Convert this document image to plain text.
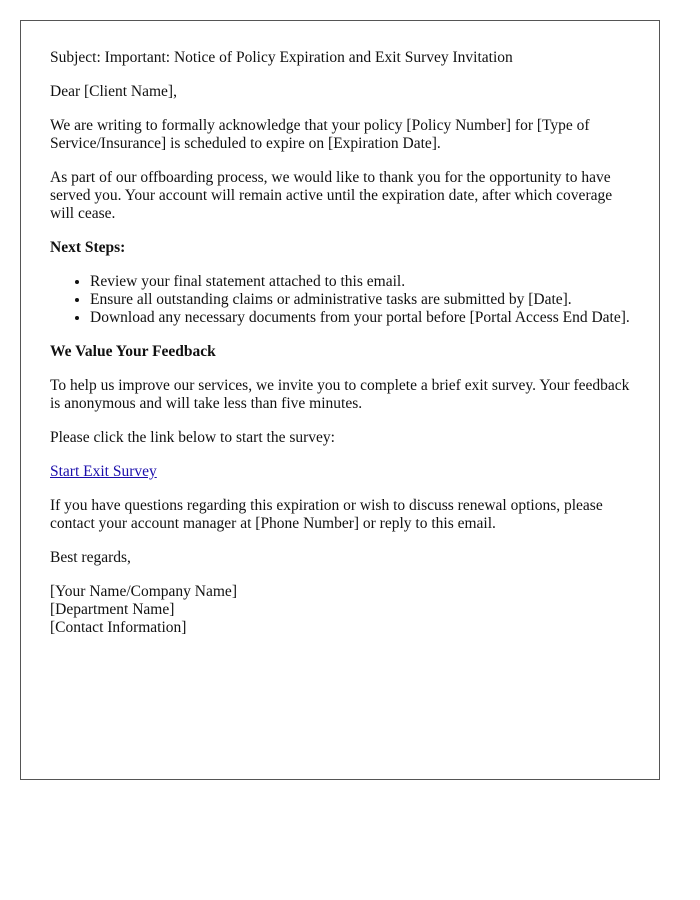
Subject: Important: Notice of Policy Expiration and Exit Survey Invitation

Dear [Client Name],

We are writing to formally acknowledge that your policy [Policy Number] for [Type of Service/Insurance] is scheduled to expire on [Expiration Date].

As part of our offboarding process, we would like to thank you for the opportunity to have served you. Your account will remain active until the expiration date, after which coverage will cease.

Next Steps:
• Review your final statement attached to this email.
• Ensure all outstanding claims or administrative tasks are submitted by [Date].
• Download any necessary documents from your portal before [Portal Access End Date].
We Value Your Feedback

To help us improve our services, we invite you to complete a brief exit survey. Your feedback is anonymous and will take less than five minutes.

Please click the link below to start the survey:

Start Exit Survey

If you have questions regarding this expiration or wish to discuss renewal options, please contact your account manager at [Phone Number] or reply to this email.

Best regards,

[Your Name/Company Name]
[Department Name]
[Contact Information]
